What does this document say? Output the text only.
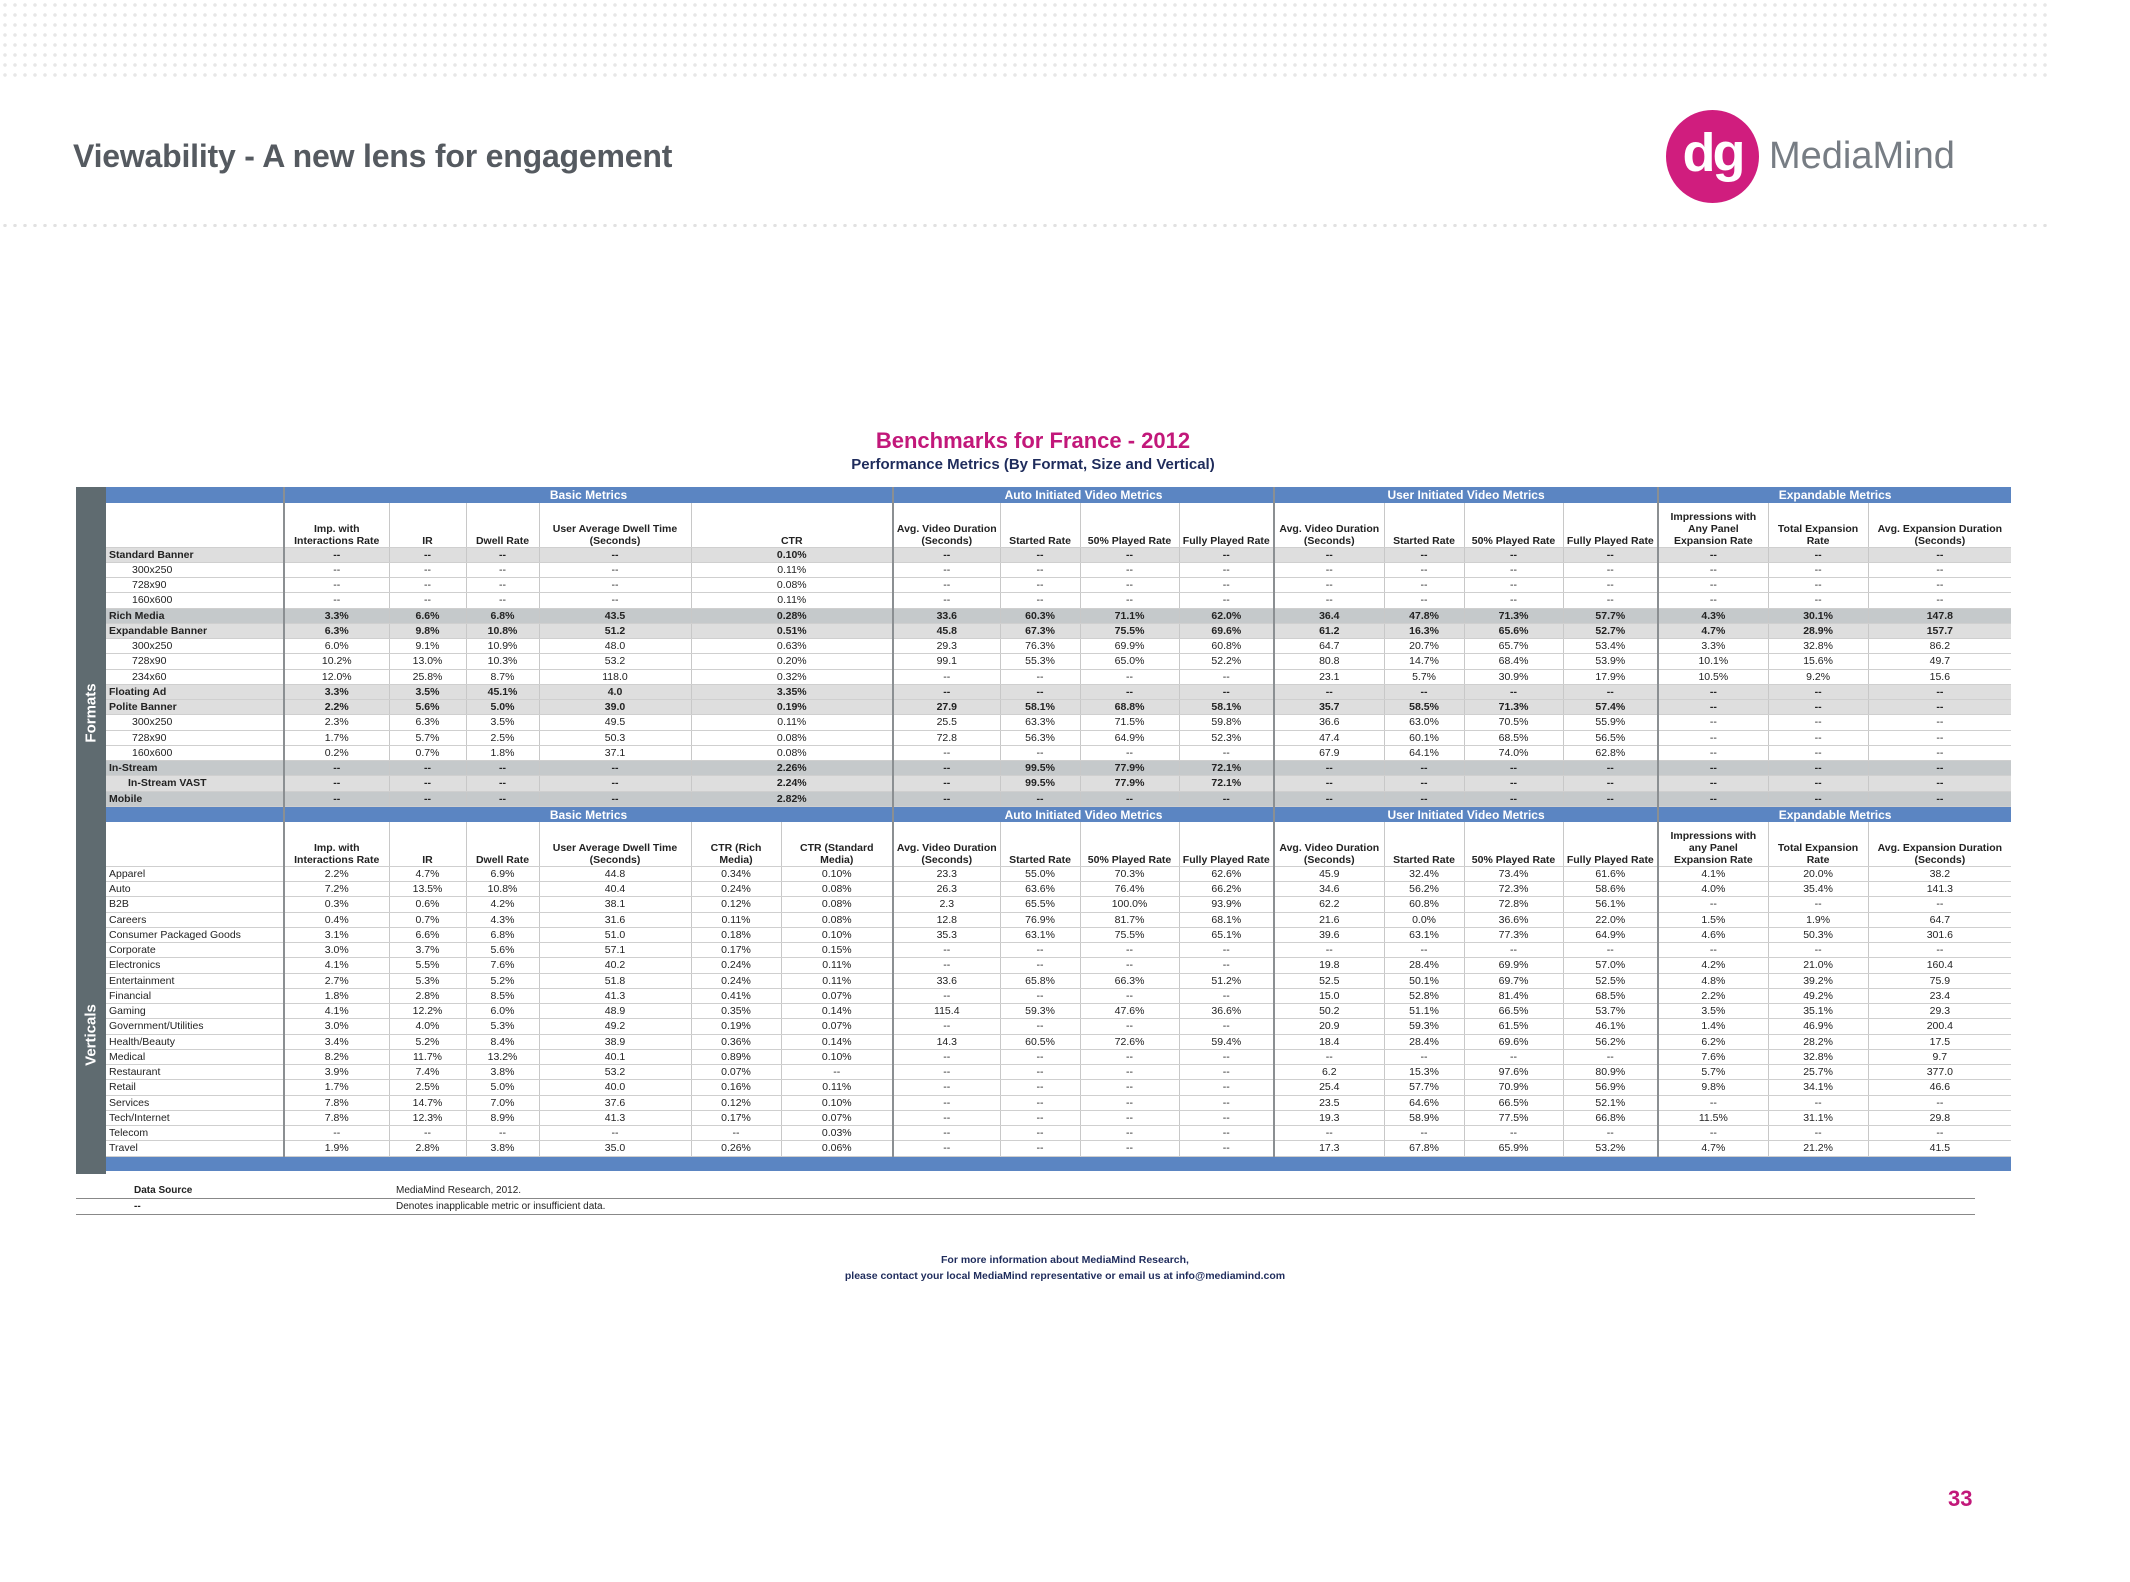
Viewability - A new lens for engagement	dg MediaMind
Benchmarks for France - 2012
Performance Metrics (By Format, Size and Vertical)
Formats
Verticals
	Basic Metrics						Auto Initiated Video Metrics				User Initiated Video Metrics				Expandable Metrics		
	Imp. with Interactions Rate	IR	Dwell Rate	User Average Dwell Time (Seconds)	CTR		Avg. Video Duration (Seconds)	Started Rate	50% Played Rate	Fully Played Rate	Avg. Video Duration (Seconds)	Started Rate	50% Played Rate	Fully Played Rate	Impressions with Any Panel Expansion Rate	Total Expansion Rate	Avg. Expansion Duration (Seconds)
Standard Banner	--	--	--	--	0.10%		--	--	--	--	--	--	--	--	--	--	--
300x250	--	--	--	--	0.11%		--	--	--	--	--	--	--	--	--	--	--
728x90	--	--	--	--	0.08%		--	--	--	--	--	--	--	--	--	--	--
160x600	--	--	--	--	0.11%		--	--	--	--	--	--	--	--	--	--	--
Rich Media	3.3%	6.6%	6.8%	43.5	0.28%		33.6	60.3%	71.1%	62.0%	36.4	47.8%	71.3%	57.7%	4.3%	30.1%	147.8
Expandable Banner	6.3%	9.8%	10.8%	51.2	0.51%		45.8	67.3%	75.5%	69.6%	61.2	16.3%	65.6%	52.7%	4.7%	28.9%	157.7
300x250	6.0%	9.1%	10.9%	48.0	0.63%		29.3	76.3%	69.9%	60.8%	64.7	20.7%	65.7%	53.4%	3.3%	32.8%	86.2
728x90	10.2%	13.0%	10.3%	53.2	0.20%		99.1	55.3%	65.0%	52.2%	80.8	14.7%	68.4%	53.9%	10.1%	15.6%	49.7
234x60	12.0%	25.8%	8.7%	118.0	0.32%		--	--	--	--	23.1	5.7%	30.9%	17.9%	10.5%	9.2%	15.6
Floating Ad	3.3%	3.5%	45.1%	4.0	3.35%		--	--	--	--	--	--	--	--	--	--	--
Polite Banner	2.2%	5.6%	5.0%	39.0	0.19%		27.9	58.1%	68.8%	58.1%	35.7	58.5%	71.3%	57.4%	--	--	--
300x250	2.3%	6.3%	3.5%	49.5	0.11%		25.5	63.3%	71.5%	59.8%	36.6	63.0%	70.5%	55.9%	--	--	--
728x90	1.7%	5.7%	2.5%	50.3	0.08%		72.8	56.3%	64.9%	52.3%	47.4	60.1%	68.5%	56.5%	--	--	--
160x600	0.2%	0.7%	1.8%	37.1	0.08%		--	--	--	--	67.9	64.1%	74.0%	62.8%	--	--	--
In-Stream	--	--	--	--	2.26%		--	99.5%	77.9%	72.1%	--	--	--	--	--	--	--
In-Stream VAST	--	--	--	--	2.24%		--	99.5%	77.9%	72.1%	--	--	--	--	--	--	--
Mobile	--	--	--	--	2.82%		--	--	--	--	--	--	--	--	--	--	--
	Basic Metrics						Auto Initiated Video Metrics				User Initiated Video Metrics				Expandable Metrics		
	Imp. with Interactions Rate	IR	Dwell Rate	User Average Dwell Time (Seconds)	CTR (Rich Media)	CTR (Standard Media)	Avg. Video Duration (Seconds)	Started Rate	50% Played Rate	Fully Played Rate	Avg. Video Duration (Seconds)	Started Rate	50% Played Rate	Fully Played Rate	Impressions with any Panel Expansion Rate	Total Expansion Rate	Avg. Expansion Duration (Seconds)
Apparel	2.2%	4.7%	6.9%	44.8	0.34%	0.10%	23.3	55.0%	70.3%	62.6%	45.9	32.4%	73.4%	61.6%	4.1%	20.0%	38.2
Auto	7.2%	13.5%	10.8%	40.4	0.24%	0.08%	26.3	63.6%	76.4%	66.2%	34.6	56.2%	72.3%	58.6%	4.0%	35.4%	141.3
B2B	0.3%	0.6%	4.2%	38.1	0.12%	0.08%	2.3	65.5%	100.0%	93.9%	62.2	60.8%	72.8%	56.1%	--	--	--
Careers	0.4%	0.7%	4.3%	31.6	0.11%	0.08%	12.8	76.9%	81.7%	68.1%	21.6	0.0%	36.6%	22.0%	1.5%	1.9%	64.7
Consumer Packaged Goods	3.1%	6.6%	6.8%	51.0	0.18%	0.10%	35.3	63.1%	75.5%	65.1%	39.6	63.1%	77.3%	64.9%	4.6%	50.3%	301.6
Corporate	3.0%	3.7%	5.6%	57.1	0.17%	0.15%	--	--	--	--	--	--	--	--	--	--	--
Electronics	4.1%	5.5%	7.6%	40.2	0.24%	0.11%	--	--	--	--	19.8	28.4%	69.9%	57.0%	4.2%	21.0%	160.4
Entertainment	2.7%	5.3%	5.2%	51.8	0.24%	0.11%	33.6	65.8%	66.3%	51.2%	52.5	50.1%	69.7%	52.5%	4.8%	39.2%	75.9
Financial	1.8%	2.8%	8.5%	41.3	0.41%	0.07%	--	--	--	--	15.0	52.8%	81.4%	68.5%	2.2%	49.2%	23.4
Gaming	4.1%	12.2%	6.0%	48.9	0.35%	0.14%	115.4	59.3%	47.6%	36.6%	50.2	51.1%	66.5%	53.7%	3.5%	35.1%	29.3
Government/Utilities	3.0%	4.0%	5.3%	49.2	0.19%	0.07%	--	--	--	--	20.9	59.3%	61.5%	46.1%	1.4%	46.9%	200.4
Health/Beauty	3.4%	5.2%	8.4%	38.9	0.36%	0.14%	14.3	60.5%	72.6%	59.4%	18.4	28.4%	69.6%	56.2%	6.2%	28.2%	17.5
Medical	8.2%	11.7%	13.2%	40.1	0.89%	0.10%	--	--	--	--	--	--	--	--	7.6%	32.8%	9.7
Restaurant	3.9%	7.4%	3.8%	53.2	0.07%	--	--	--	--	--	6.2	15.3%	97.6%	80.9%	5.7%	25.7%	377.0
Retail	1.7%	2.5%	5.0%	40.0	0.16%	0.11%	--	--	--	--	25.4	57.7%	70.9%	56.9%	9.8%	34.1%	46.6
Services	7.8%	14.7%	7.0%	37.6	0.12%	0.10%	--	--	--	--	23.5	64.6%	66.5%	52.1%	--	--	--
Tech/Internet	7.8%	12.3%	8.9%	41.3	0.17%	0.07%	--	--	--	--	19.3	58.9%	77.5%	66.8%	11.5%	31.1%	29.8
Telecom	--	--	--	--	--	0.03%	--	--	--	--	--	--	--	--	--	--	--
Travel	1.9%	2.8%	3.8%	35.0	0.26%	0.06%	--	--	--	--	17.3	67.8%	65.9%	53.2%	4.7%	21.2%	41.5

Data Source	MediaMind Research, 2012.
--	Denotes inapplicable metric or insufficient data.
For more information about MediaMind Research,
please contact your local MediaMind representative or email us at info@mediamind.com
33
